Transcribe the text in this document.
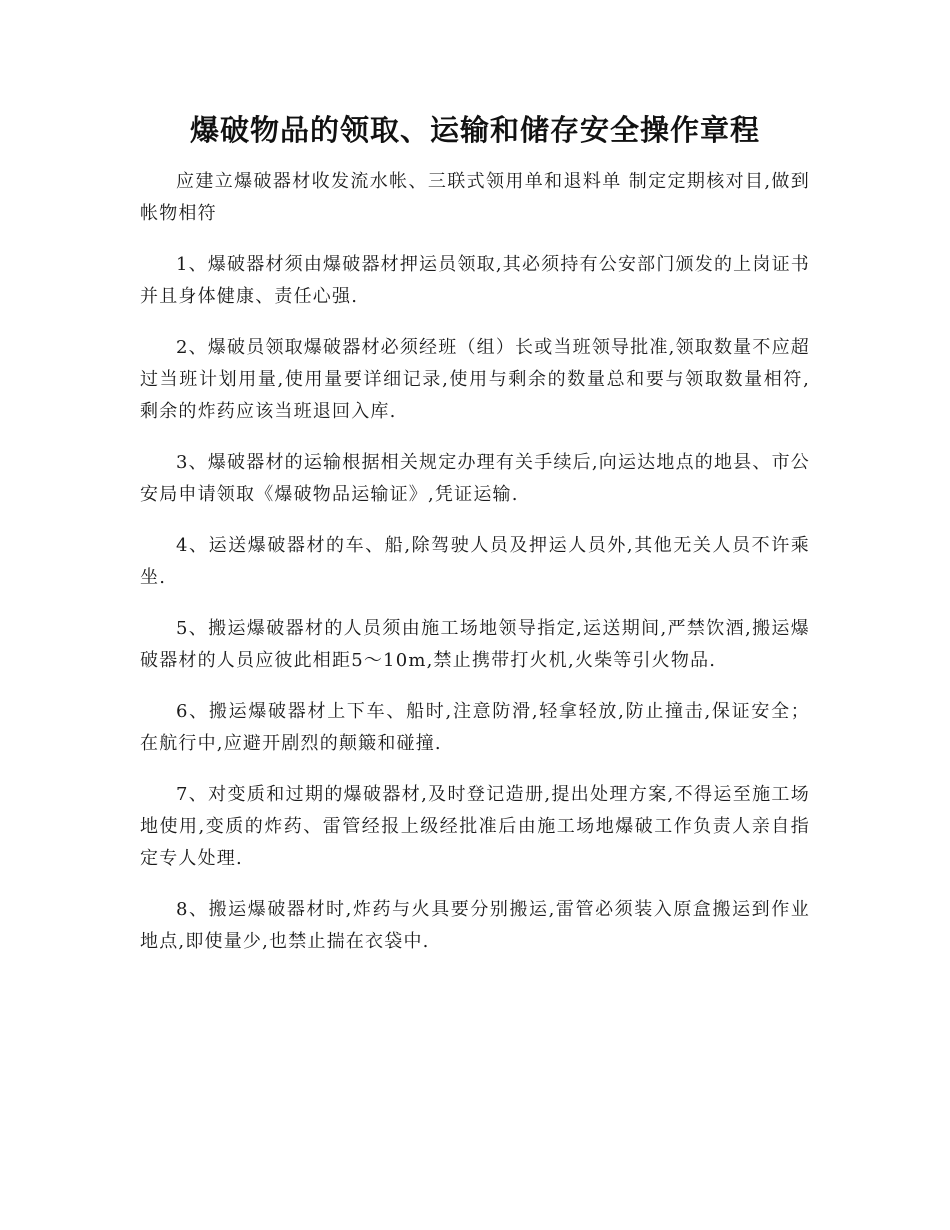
爆破物品的领取、运输和储存安全操作章程

应建立爆破器材收发流水帐、三联式领用单和退料单 制定定期核对目,做到帐物相符

1、爆破器材须由爆破器材押运员领取,其必须持有公安部门颁发的上岗证书并且身体健康、责任心强.

2、爆破员领取爆破器材必须经班（组）长或当班领导批准,领取数量不应超过当班计划用量,使用量要详细记录,使用与剩余的数量总和要与领取数量相符,剩余的炸药应该当班退回入库.

3、爆破器材的运输根据相关规定办理有关手续后,向运达地点的地县、市公安局申请领取《爆破物品运输证》,凭证运输.

4、运送爆破器材的车、船,除驾驶人员及押运人员外,其他无关人员不许乘坐.

5、搬运爆破器材的人员须由施工场地领导指定,运送期间,严禁饮酒,搬运爆破器材的人员应彼此相距5～10m,禁止携带打火机,火柴等引火物品.

6、搬运爆破器材上下车、船时,注意防滑,轻拿轻放,防止撞击,保证安全；在航行中,应避开剧烈的颠簸和碰撞.

7、对变质和过期的爆破器材,及时登记造册,提出处理方案,不得运至施工场地使用,变质的炸药、雷管经报上级经批准后由施工场地爆破工作负责人亲自指定专人处理.

8、搬运爆破器材时,炸药与火具要分别搬运,雷管必须装入原盒搬运到作业地点,即使量少,也禁止揣在衣袋中.
